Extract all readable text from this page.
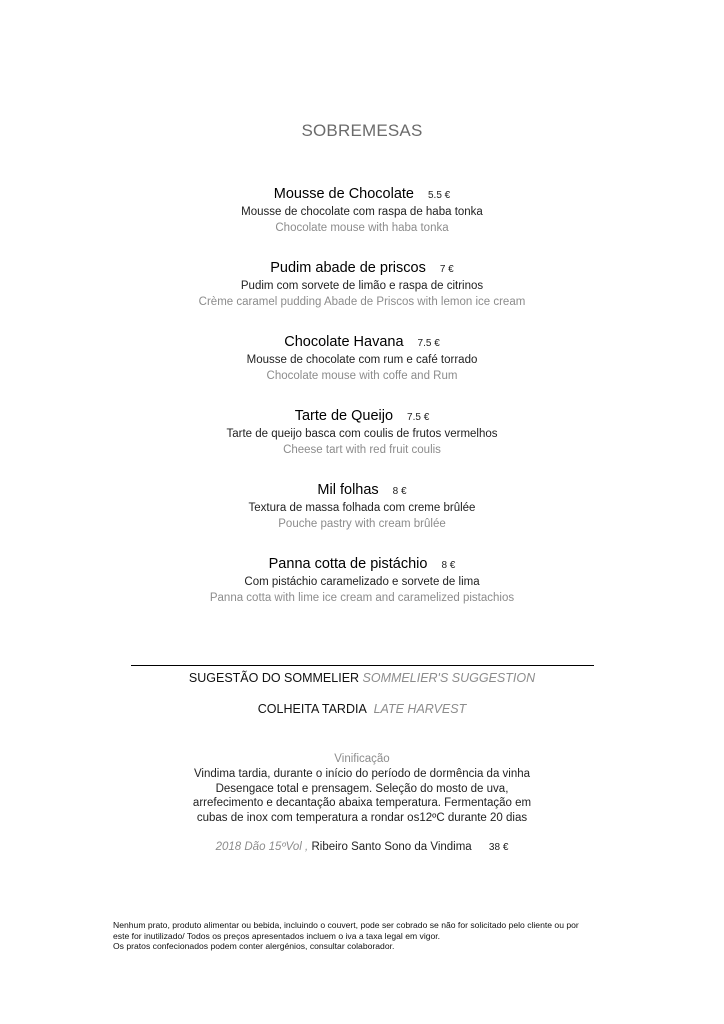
SOBREMESAS
Mousse de Chocolate 5.5 €
Mousse de chocolate com raspa de haba tonka
Chocolate mouse with haba tonka
Pudim abade de priscos 7 €
Pudim com sorvete de limão e raspa de citrinos
Crème caramel pudding Abade de Priscos with lemon ice cream
Chocolate Havana 7.5 €
Mousse de chocolate com rum e café torrado
Chocolate mouse with coffe and Rum
Tarte de Queijo 7.5 €
Tarte de queijo basca com coulis de frutos vermelhos
Cheese tart with red fruit coulis
Mil folhas 8 €
Textura de massa folhada com creme brûlée
Pouche pastry with cream brûlée
Panna cotta de pistáchio 8 €
Com pistáchio caramelizado e sorvete de lima
Panna cotta with lime ice cream and caramelized pistachios
SUGESTÃO DO SOMMELIER SOMMELIER'S SUGGESTION
COLHEITA TARDIA LATE HARVEST
Vinificação
Vindima tardia, durante o início do período de dormência da vinha
Desengace total e prensagem. Seleção do mosto de uva,
arrefecimento e decantação abaixa temperatura. Fermentação em
cubas de inox com temperatura a rondar os12ºC durante 20 dias
2018 Dão 15ºVol , Ribeiro Santo Sono da Vindima 38 €
Nenhum prato, produto alimentar ou bebida, incluindo o couvert, pode ser cobrado se não for solicitado pelo cliente ou por
este for inutilizado/ Todos os preços apresentados incluem o iva a taxa legal em vigor.
Os pratos confecionados podem conter alergénios, consultar colaborador.
